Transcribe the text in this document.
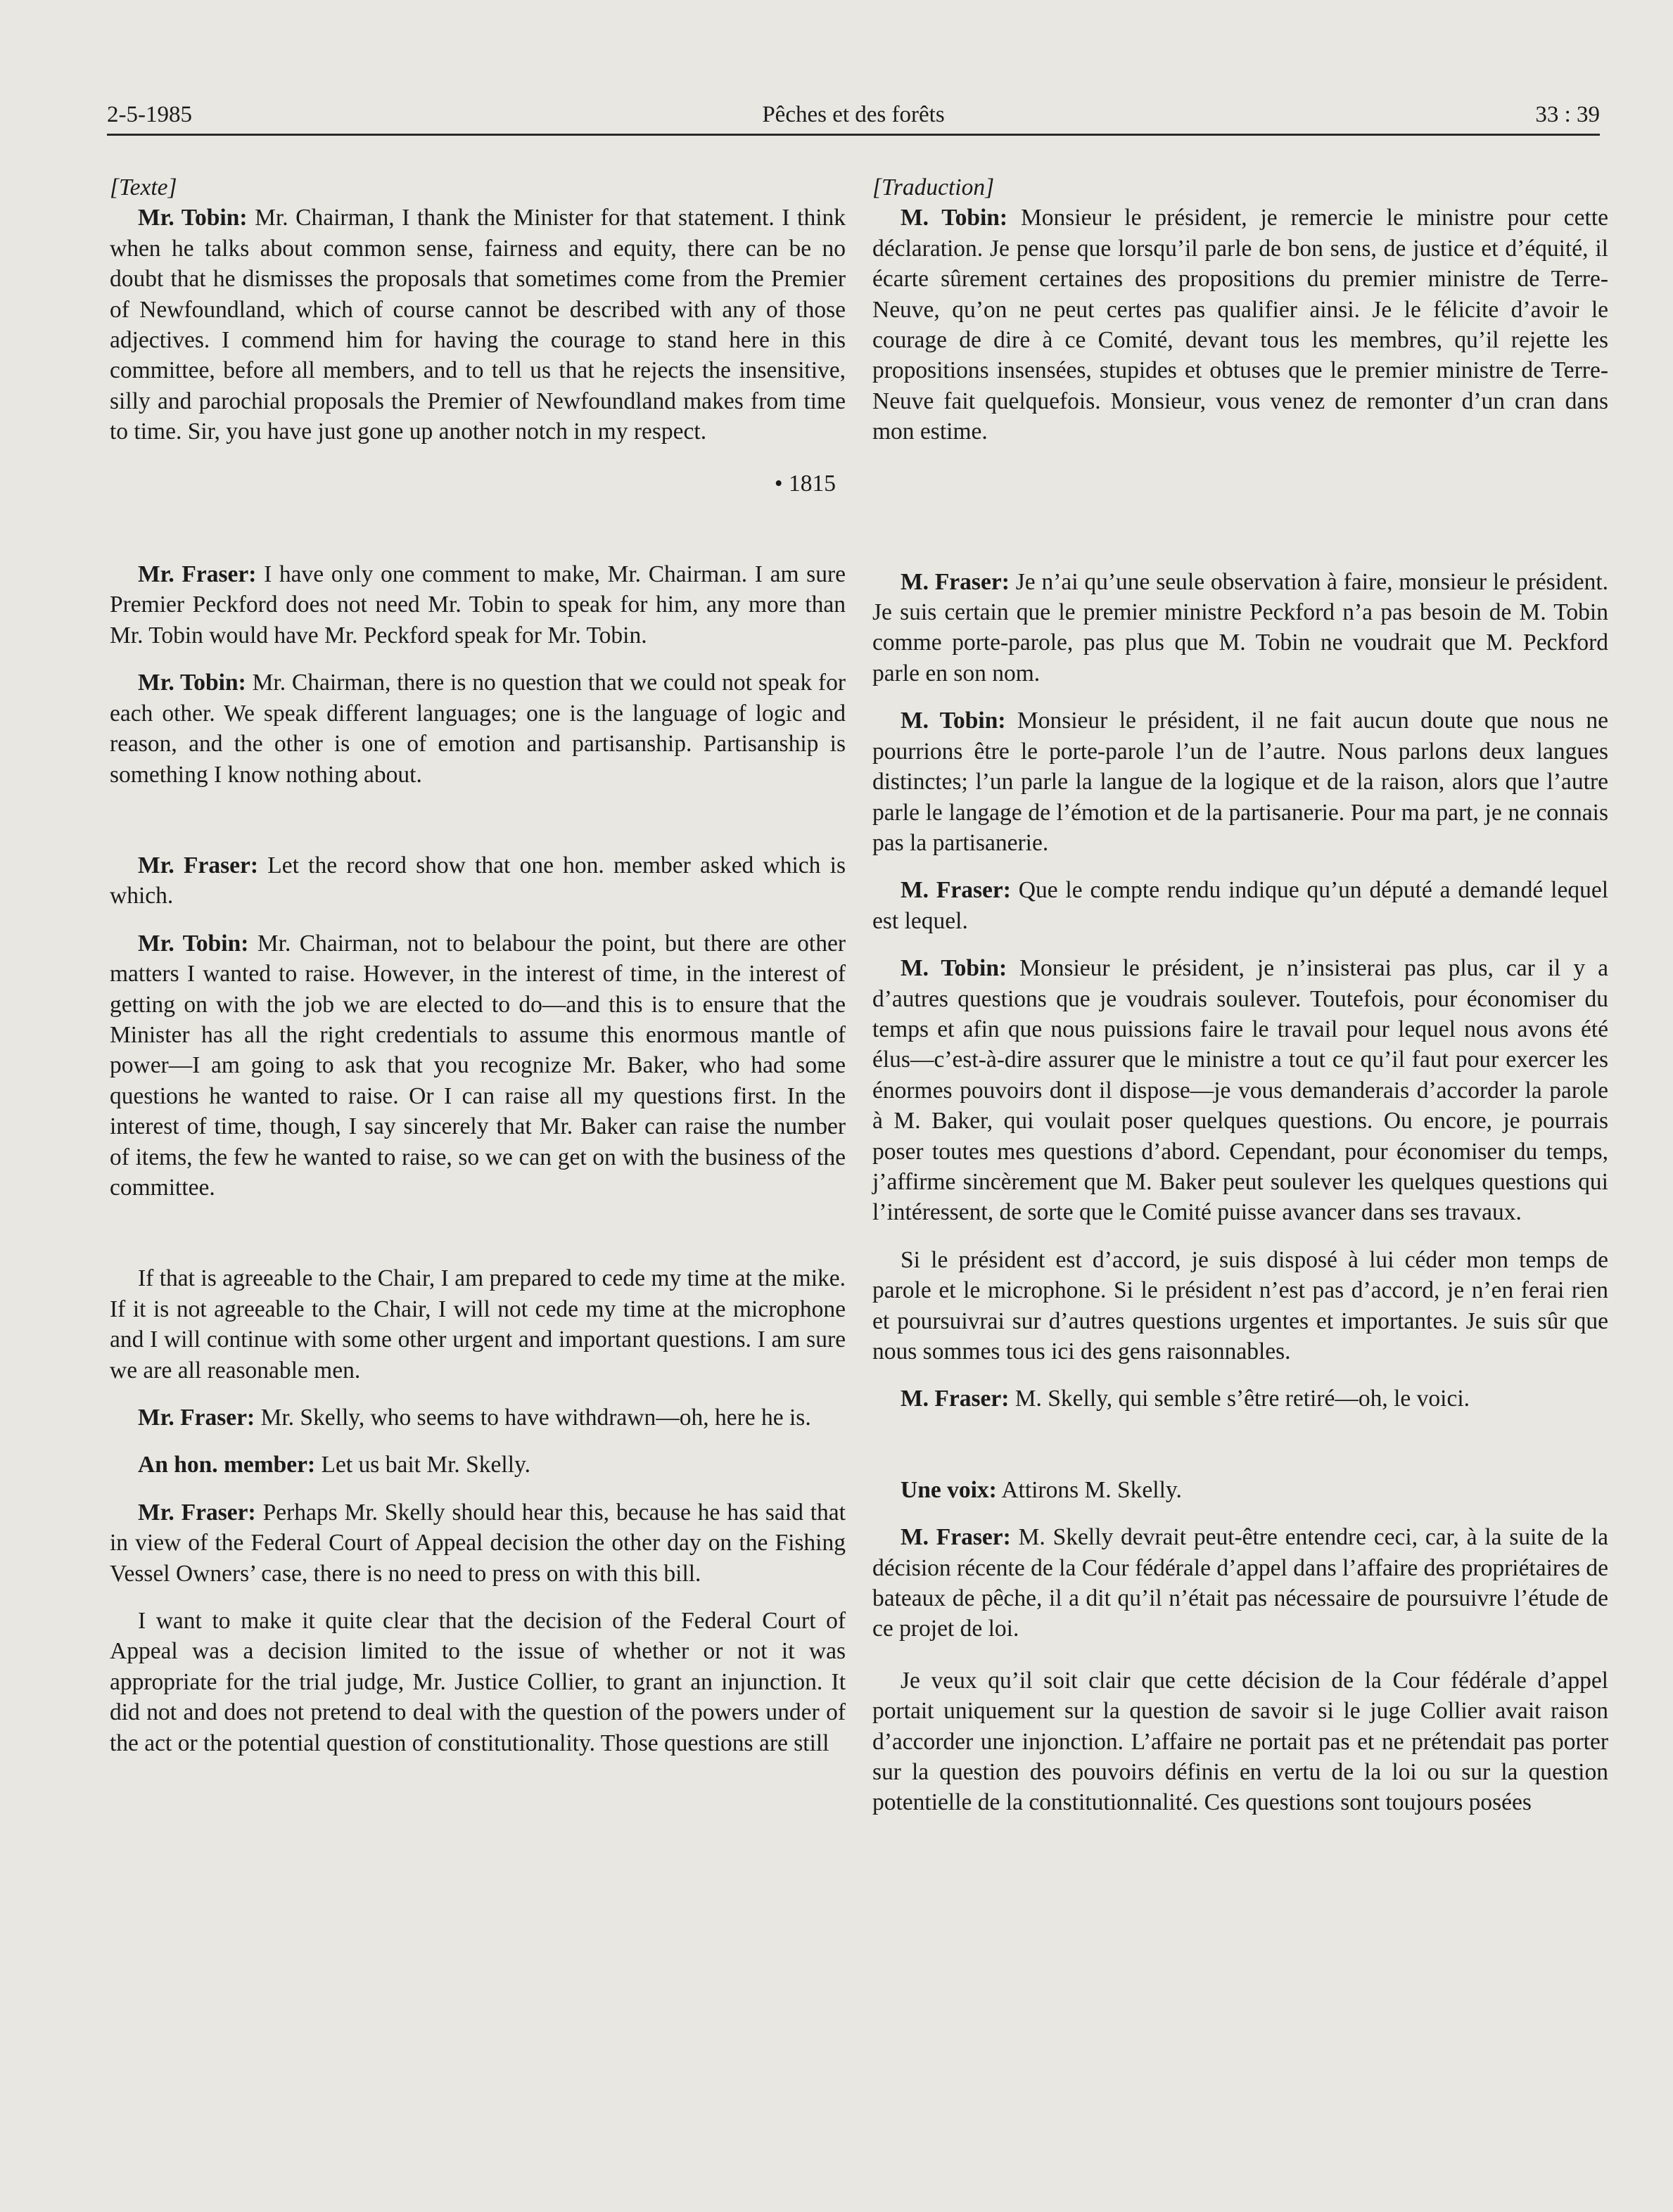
2-5-1985	Pêches et des forêts	33 : 39

[Texte]

Mr. Tobin: Mr. Chairman, I thank the Minister for that statement. I think when he talks about common sense, fairness and equity, there can be no doubt that he dismisses the proposals that sometimes come from the Premier of Newfoundland, which of course cannot be described with any of those adjectives. I commend him for having the courage to stand here in this committee, before all members, and to tell us that he rejects the insensitive, silly and parochial proposals the Premier of Newfoundland makes from time to time. Sir, you have just gone up another notch in my respect.

• 1815

Mr. Fraser: I have only one comment to make, Mr. Chairman. I am sure Premier Peckford does not need Mr. Tobin to speak for him, any more than Mr. Tobin would have Mr. Peckford speak for Mr. Tobin.

Mr. Tobin: Mr. Chairman, there is no question that we could not speak for each other. We speak different languages; one is the language of logic and reason, and the other is one of emotion and partisanship. Partisanship is something I know nothing about.

Mr. Fraser: Let the record show that one hon. member asked which is which.

Mr. Tobin: Mr. Chairman, not to belabour the point, but there are other matters I wanted to raise. However, in the interest of time, in the interest of getting on with the job we are elected to do—and this is to ensure that the Minister has all the right credentials to assume this enormous mantle of power—I am going to ask that you recognize Mr. Baker, who had some questions he wanted to raise. Or I can raise all my questions first. In the interest of time, though, I say sincerely that Mr. Baker can raise the number of items, the few he wanted to raise, so we can get on with the business of the committee.

If that is agreeable to the Chair, I am prepared to cede my time at the mike. If it is not agreeable to the Chair, I will not cede my time at the microphone and I will continue with some other urgent and important questions. I am sure we are all reasonable men.

Mr. Fraser: Mr. Skelly, who seems to have withdrawn—oh, here he is.

An hon. member: Let us bait Mr. Skelly.

Mr. Fraser: Perhaps Mr. Skelly should hear this, because he has said that in view of the Federal Court of Appeal decision the other day on the Fishing Vessel Owners’ case, there is no need to press on with this bill.

I want to make it quite clear that the decision of the Federal Court of Appeal was a decision limited to the issue of whether or not it was appropriate for the trial judge, Mr. Justice Collier, to grant an injunction. It did not and does not pretend to deal with the question of the powers under of the act or the potential question of constitutionality. Those questions are still

[Traduction]

M. Tobin: Monsieur le président, je remercie le ministre pour cette déclaration. Je pense que lorsqu’il parle de bon sens, de justice et d’équité, il écarte sûrement certaines des propositions du premier ministre de Terre-Neuve, qu’on ne peut certes pas qualifier ainsi. Je le félicite d’avoir le courage de dire à ce Comité, devant tous les membres, qu’il rejette les propositions insensées, stupides et obtuses que le premier ministre de Terre-Neuve fait quelquefois. Monsieur, vous venez de remonter d’un cran dans mon estime.

M. Fraser: Je n’ai qu’une seule observation à faire, monsieur le président. Je suis certain que le premier ministre Peckford n’a pas besoin de M. Tobin comme porte-parole, pas plus que M. Tobin ne voudrait que M. Peckford parle en son nom.

M. Tobin: Monsieur le président, il ne fait aucun doute que nous ne pourrions être le porte-parole l’un de l’autre. Nous parlons deux langues distinctes; l’un parle la langue de la logique et de la raison, alors que l’autre parle le langage de l’émotion et de la partisanerie. Pour ma part, je ne connais pas la partisanerie.

M. Fraser: Que le compte rendu indique qu’un député a demandé lequel est lequel.

M. Tobin: Monsieur le président, je n’insisterai pas plus, car il y a d’autres questions que je voudrais soulever. Toutefois, pour économiser du temps et afin que nous puissions faire le travail pour lequel nous avons été élus—c’est-à-dire assurer que le ministre a tout ce qu’il faut pour exercer les énormes pouvoirs dont il dispose—je vous demanderais d’accorder la parole à M. Baker, qui voulait poser quelques questions. Ou encore, je pourrais poser toutes mes questions d’abord. Cependant, pour économiser du temps, j’affirme sincèrement que M. Baker peut soulever les quelques questions qui l’intéressent, de sorte que le Comité puisse avancer dans ses travaux.

Si le président est d’accord, je suis disposé à lui céder mon temps de parole et le microphone. Si le président n’est pas d’accord, je n’en ferai rien et poursuivrai sur d’autres questions urgentes et importantes. Je suis sûr que nous sommes tous ici des gens raisonnables.

M. Fraser: M. Skelly, qui semble s’être retiré—oh, le voici.

Une voix: Attirons M. Skelly.

M. Fraser: M. Skelly devrait peut-être entendre ceci, car, à la suite de la décision récente de la Cour fédérale d’appel dans l’affaire des propriétaires de bateaux de pêche, il a dit qu’il n’était pas nécessaire de poursuivre l’étude de ce projet de loi.

Je veux qu’il soit clair que cette décision de la Cour fédérale d’appel portait uniquement sur la question de savoir si le juge Collier avait raison d’accorder une injonction. L’affaire ne portait pas et ne prétendait pas porter sur la question des pouvoirs définis en vertu de la loi ou sur la question potentielle de la constitutionnalité. Ces questions sont toujours posées
